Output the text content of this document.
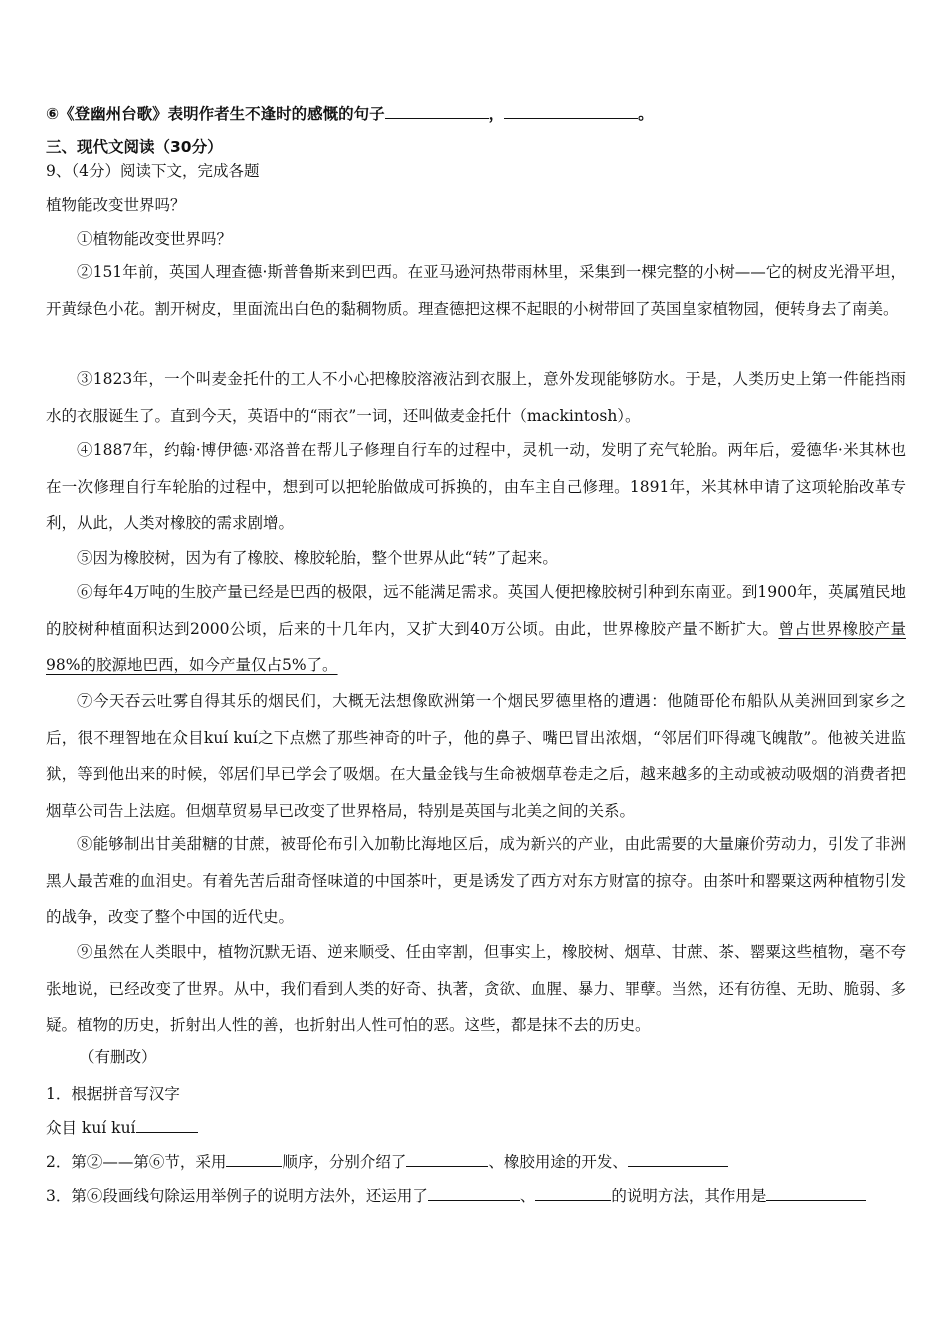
⑥《登幽州台歌》表明作者生不逢时的感慨的句子	，	。
三、现代文阅读（30分）
9、（4分）阅读下文，完成各题
植物能改变世界吗？
①植物能改变世界吗？

②151年前，英国人理查德·斯普鲁斯来到巴西。在亚马逊河热带雨林里，采集到一棵完整的小树——它的树皮光滑平坦，开黄绿色小花。割开树皮，里面流出白色的黏稠物质。理查德把这棵不起眼的小树带回了英国皇家植物园，便转身去了南美。

③1823年，一个叫麦金托什的工人不小心把橡胶溶液沾到衣服上，意外发现能够防水。于是，人类历史上第一件能挡雨水的衣服诞生了。直到今天，英语中的“雨衣”一词，还叫做麦金托什（mackintosh）。

④1887年，约翰·博伊德·邓洛普在帮儿子修理自行车的过程中，灵机一动，发明了充气轮胎。两年后，爱德华·米其林也在一次修理自行车轮胎的过程中，想到可以把轮胎做成可拆换的，由车主自己修理。1891年，米其林申请了这项轮胎改革专利，从此，人类对橡胶的需求剧增。

⑤因为橡胶树，因为有了橡胶、橡胶轮胎，整个世界从此“转”了起来。

⑥每年4万吨的生胶产量已经是巴西的极限，远不能满足需求。英国人便把橡胶树引种到东南亚。到1900年，英属殖民地的胶树种植面积达到2000公顷，后来的十几年内，又扩大到40万公顷。由此，世界橡胶产量不断扩大。曾占世界橡胶产量98%的胶源地巴西，如今产量仅占5%了。

⑦今天吞云吐雾自得其乐的烟民们，大概无法想像欧洲第一个烟民罗德里格的遭遇：他随哥伦布船队从美洲回到家乡之后，很不理智地在众目kuí kuí之下点燃了那些神奇的叶子，他的鼻子、嘴巴冒出浓烟，“邻居们吓得魂飞魄散”。他被关进监狱，等到他出来的时候，邻居们早已学会了吸烟。在大量金钱与生命被烟草卷走之后，越来越多的主动或被动吸烟的消费者把烟草公司告上法庭。但烟草贸易早已改变了世界格局，特别是英国与北美之间的关系。

⑧能够制出甘美甜糖的甘蔗，被哥伦布引入加勒比海地区后，成为新兴的产业，由此需要的大量廉价劳动力，引发了非洲黑人最苦难的血泪史。有着先苦后甜奇怪味道的中国茶叶，更是诱发了西方对东方财富的掠夺。由茶叶和罂粟这两种植物引发的战争，改变了整个中国的近代史。

⑨虽然在人类眼中，植物沉默无语、逆来顺受、任由宰割，但事实上，橡胶树、烟草、甘蔗、茶、罂粟这些植物，毫不夸张地说，已经改变了世界。从中，我们看到人类的好奇、执著，贪欲、血腥、暴力、罪孽。当然，还有彷徨、无助、脆弱、多疑。植物的历史，折射出人性的善，也折射出人性可怕的恶。这些，都是抹不去的历史。

（有删改）
1．根据拼音写汉字
众目 kuí kuí
2．第②——第⑥节，采用	顺序，分别介绍了	、橡胶用途的开发、
3．第⑥段画线句除运用举例子的说明方法外，还运用了	、	的说明方法，其作用是
